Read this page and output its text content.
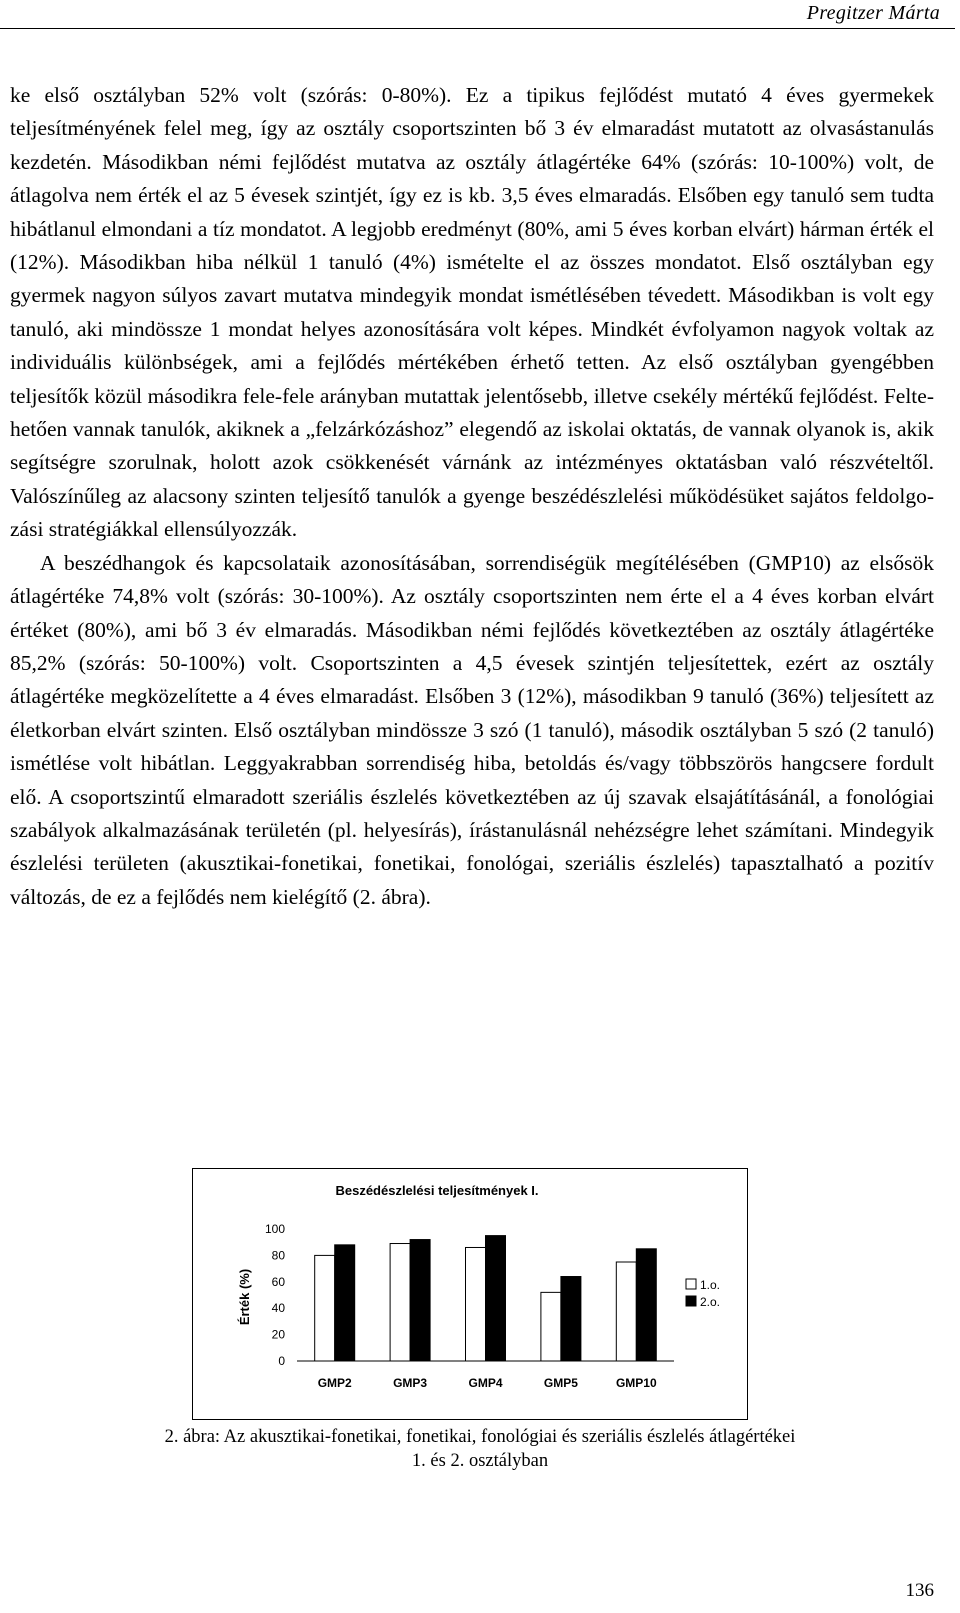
Pregitzer Márta

ke első osztályban 52% volt (szórás: 0-80%). Ez a tipikus fejlődést mutató 4 éves gyermekek teljesítményének felel meg, így az osztály csoportszinten bő 3 év elmaradást mutatott az olvasástanulás kezdetén. Másodikban némi fejlődést mutatva az osztály átlagértéke 64% (szórás: 10-100%) volt, de átlagolva nem érték el az 5 évesek szintjét, így ez is kb. 3,5 éves elmaradás. Elsőben egy tanuló sem tudta hibátlanul elmondani a tíz mondatot. A legjobb eredményt (80%, ami 5 éves korban elvárt) hárman érték el (12%). Másodikban hiba nélkül 1 tanuló (4%) ismételte el az összes mondatot. Első osztályban egy gyermek nagyon súlyos zavart mutatva mindegyik mondat ismétlésében tévedett. Másodikban is volt egy tanuló, aki mindössze 1 mondat helyes azonosítására volt képes. Mindkét évfolyamon nagyok voltak az individuális különbségek, ami a fejlődés mértékében érhető tetten. Az első osztályban gyengébben teljesítők közül másodikra fele-fele arányban mutattak jelentősebb, illetve csekély mértékű fejlődést. Feltehetően vannak tanulók, akiknek a „felzárkózáshoz” elegendő az iskolai oktatás, de vannak olyanok is, akik segítségre szorulnak, holott azok csökkenését várnánk az intézményes oktatásban való részvételtől. Valószínűleg az alacsony szinten teljesítő tanulók a gyenge beszédészlelési működésüket sajátos feldolgozási stratégiákkal ellensúlyozzák.

A beszédhangok és kapcsolataik azonosításában, sorrendiségük megítélésében (GMP10) az elsősök átlagértéke 74,8% volt (szórás: 30-100%). Az osztály csoportszinten nem érte el a 4 éves korban elvárt értéket (80%), ami bő 3 év elmaradás. Másodikban némi fejlődés következtében az osztály átlagértéke 85,2% (szórás: 50-100%) volt. Csoportszinten a 4,5 évesek szintjén teljesítettek, ezért az osztály átlagértéke megközelítette a 4 éves elmaradást. Elsőben 3 (12%), másodikban 9 tanuló (36%) teljesített az életkorban elvárt szinten. Első osztályban mindössze 3 szó (1 tanuló), második osztályban 5 szó (2 tanuló) ismétlése volt hibátlan. Leggyakrabban sorrendiség hiba, betoldás és/vagy többszörös hangcsere fordult elő. A csoportszintű elmaradott szeriális észlelés következtében az új szavak elsajátításánál, a fonológiai szabályok alkalmazásának területén (pl. helyesírás), írástanulásnál nehézségre lehet számítani. Mindegyik észlelési területen (akusztikai-fonetikai, fonetikai, fonológai, szeriális észlelés) tapasztalható a pozitív változás, de ez a fejlődés nem kielégítő (2. ábra).

Beszédészlelési teljesítmények I.
Érték (%)
0
20
40
60
80
100
GMP2	GMP3	GMP4	GMP5	GMP10
1.o.
2.o.
2. ábra: Az akusztikai-fonetikai, fonetikai, fonológiai és szeriális észlelés átlagértékei
1. és 2. osztályban
136
